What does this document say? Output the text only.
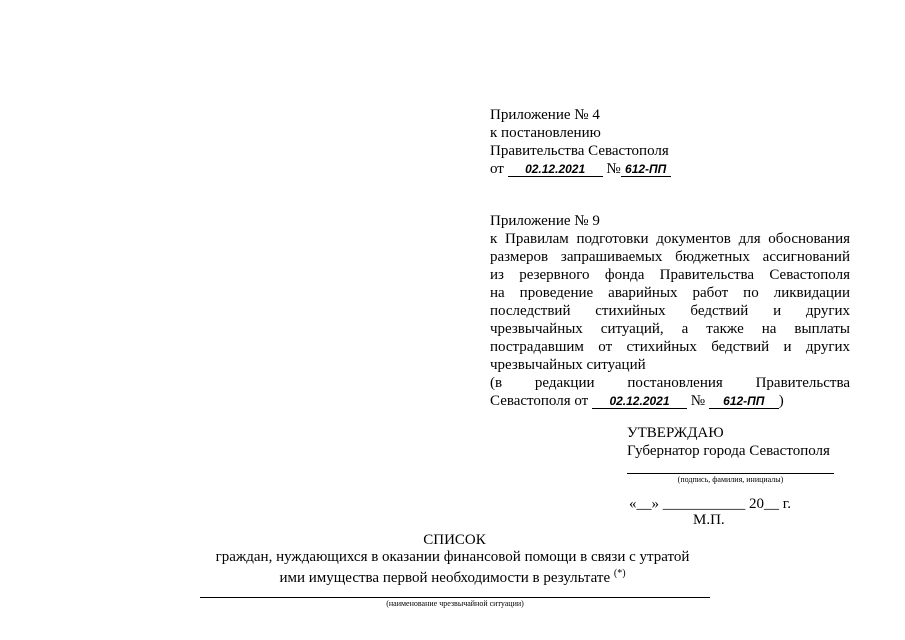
Приложение № 4
к постановлению
Правительства Севастополя
от 02.12.2021 № 612-ПП
Приложение № 9
к Правилам подготовки документов для обоснования
размеров запрашиваемых бюджетных ассигнований
из резервного фонда Правительства Севастополя
на проведение аварийных работ по ликвидации
последствий стихийных бедствий и других
чрезвычайных ситуаций, а также на выплаты
пострадавшим от стихийных бедствий и других
чрезвычайных ситуаций
(в редакции постановления Правительства
Севастополя от 02.12.2021 № 612-ПП )
УТВЕРЖДАЮ
Губернатор города Севастополя
(подпись, фамилия, инициалы)
«__» ___________ 20__ г.
М.П.
СПИСОК
граждан, нуждающихся в оказании финансовой помощи в связи с утратой
ими имущества первой необходимости в результате (*)
(наименование чрезвычайной ситуации)
